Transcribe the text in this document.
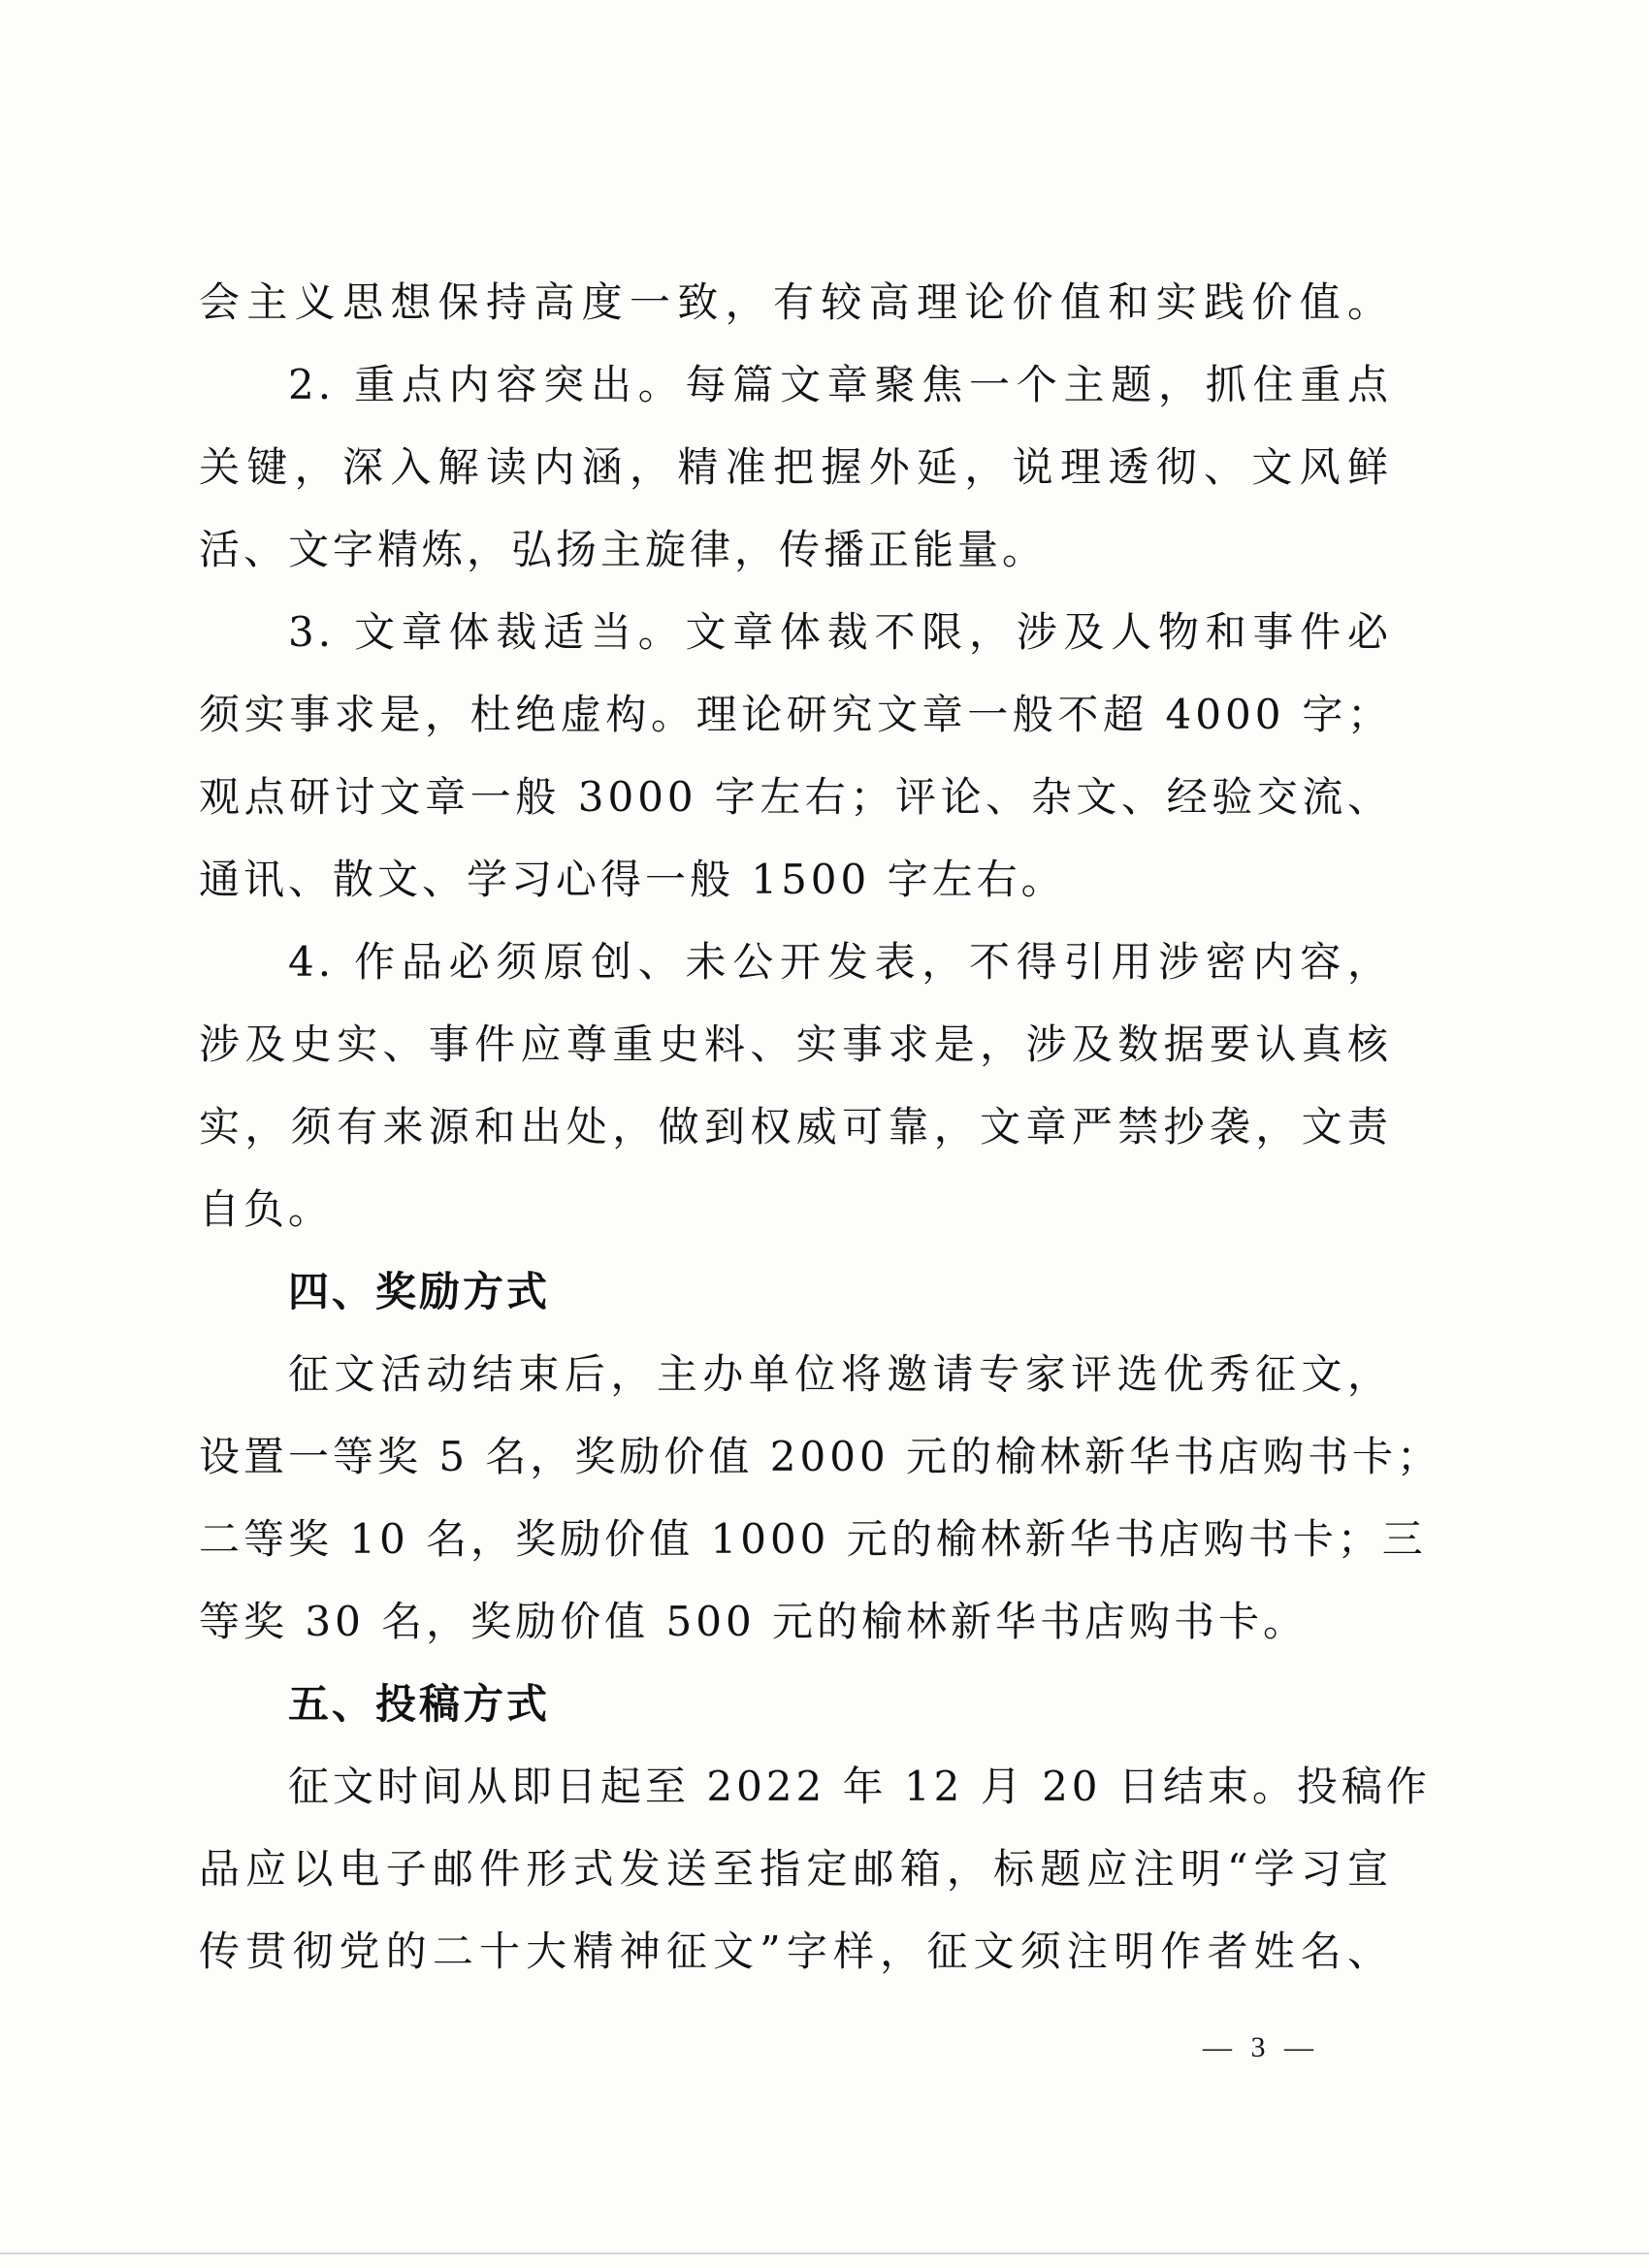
会主义思想保持高度一致，有较高理论价值和实践价值。
2. 重点内容突出。每篇文章聚焦一个主题，抓住重点
关键，深入解读内涵，精准把握外延，说理透彻、文风鲜
活、文字精炼，弘扬主旋律，传播正能量。
3. 文章体裁适当。文章体裁不限，涉及人物和事件必
须实事求是，杜绝虚构。理论研究文章一般不超 4000 字；
观点研讨文章一般 3000 字左右；评论、杂文、经验交流、
通讯、散文、学习心得一般 1500 字左右。
4. 作品必须原创、未公开发表，不得引用涉密内容，
涉及史实、事件应尊重史料、实事求是，涉及数据要认真核
实，须有来源和出处，做到权威可靠，文章严禁抄袭，文责
自负。
四、奖励方式
征文活动结束后，主办单位将邀请专家评选优秀征文，
设置一等奖 5 名，奖励价值 2000 元的榆林新华书店购书卡；
二等奖 10 名，奖励价值 1000 元的榆林新华书店购书卡；三
等奖 30 名，奖励价值 500 元的榆林新华书店购书卡。
五、投稿方式
征文时间从即日起至 2022 年 12 月 20 日结束。投稿作
品应以电子邮件形式发送至指定邮箱，标题应注明“学习宣
传贯彻党的二十大精神征文”字样，征文须注明作者姓名、
— 3 —
